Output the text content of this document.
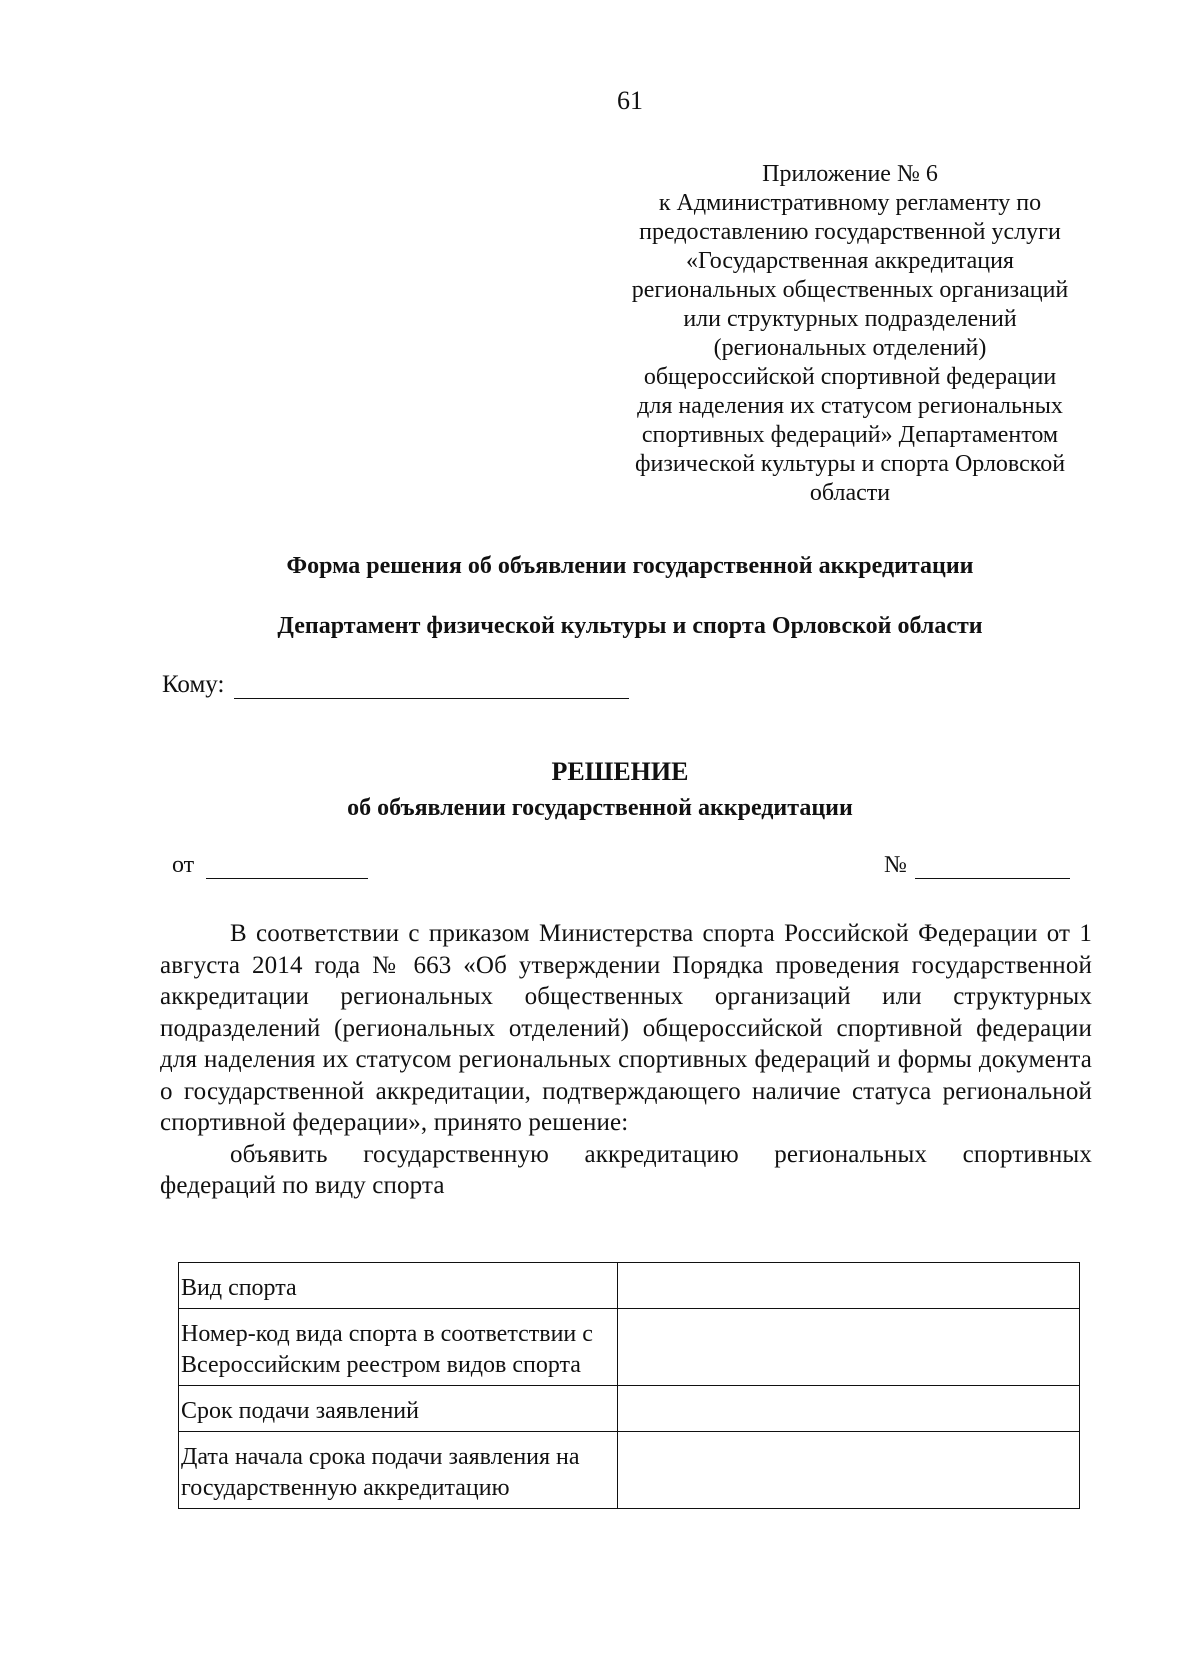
61
Приложение № 6
к Административному регламенту по
предоставлению государственной услуги
«Государственная аккредитация
региональных общественных организаций
или структурных подразделений
(региональных отделений)
общероссийской спортивной федерации
для наделения их статусом региональных
спортивных федераций» Департаментом
физической культуры и спорта Орловской
области
Форма решения об объявлении государственной аккредитации
Департамент физической культуры и спорта Орловской области
Кому:
РЕШЕНИЕ
об объявлении государственной аккредитации
от	№

В соответствии с приказом Министерства спорта Российской Федерации от 1 августа 2014 года № 663 «Об утверждении Порядка проведения государственной аккредитации региональных общественных организаций или структурных подразделений (региональных отделений) общероссийской спортивной федерации для наделения их статусом региональных спортивных федераций и формы документа о государственной аккредитации, подтверждающего наличие статуса региональной спортивной федерации», принято решение:

объявить государственную аккредитацию региональных спортивных федераций по виду спорта

Вид спорта	
Номер-код вида спорта в соответствии с Всероссийским реестром видов спорта	
Срок подачи заявлений	
Дата начала срока подачи заявления на государственную аккредитацию	
